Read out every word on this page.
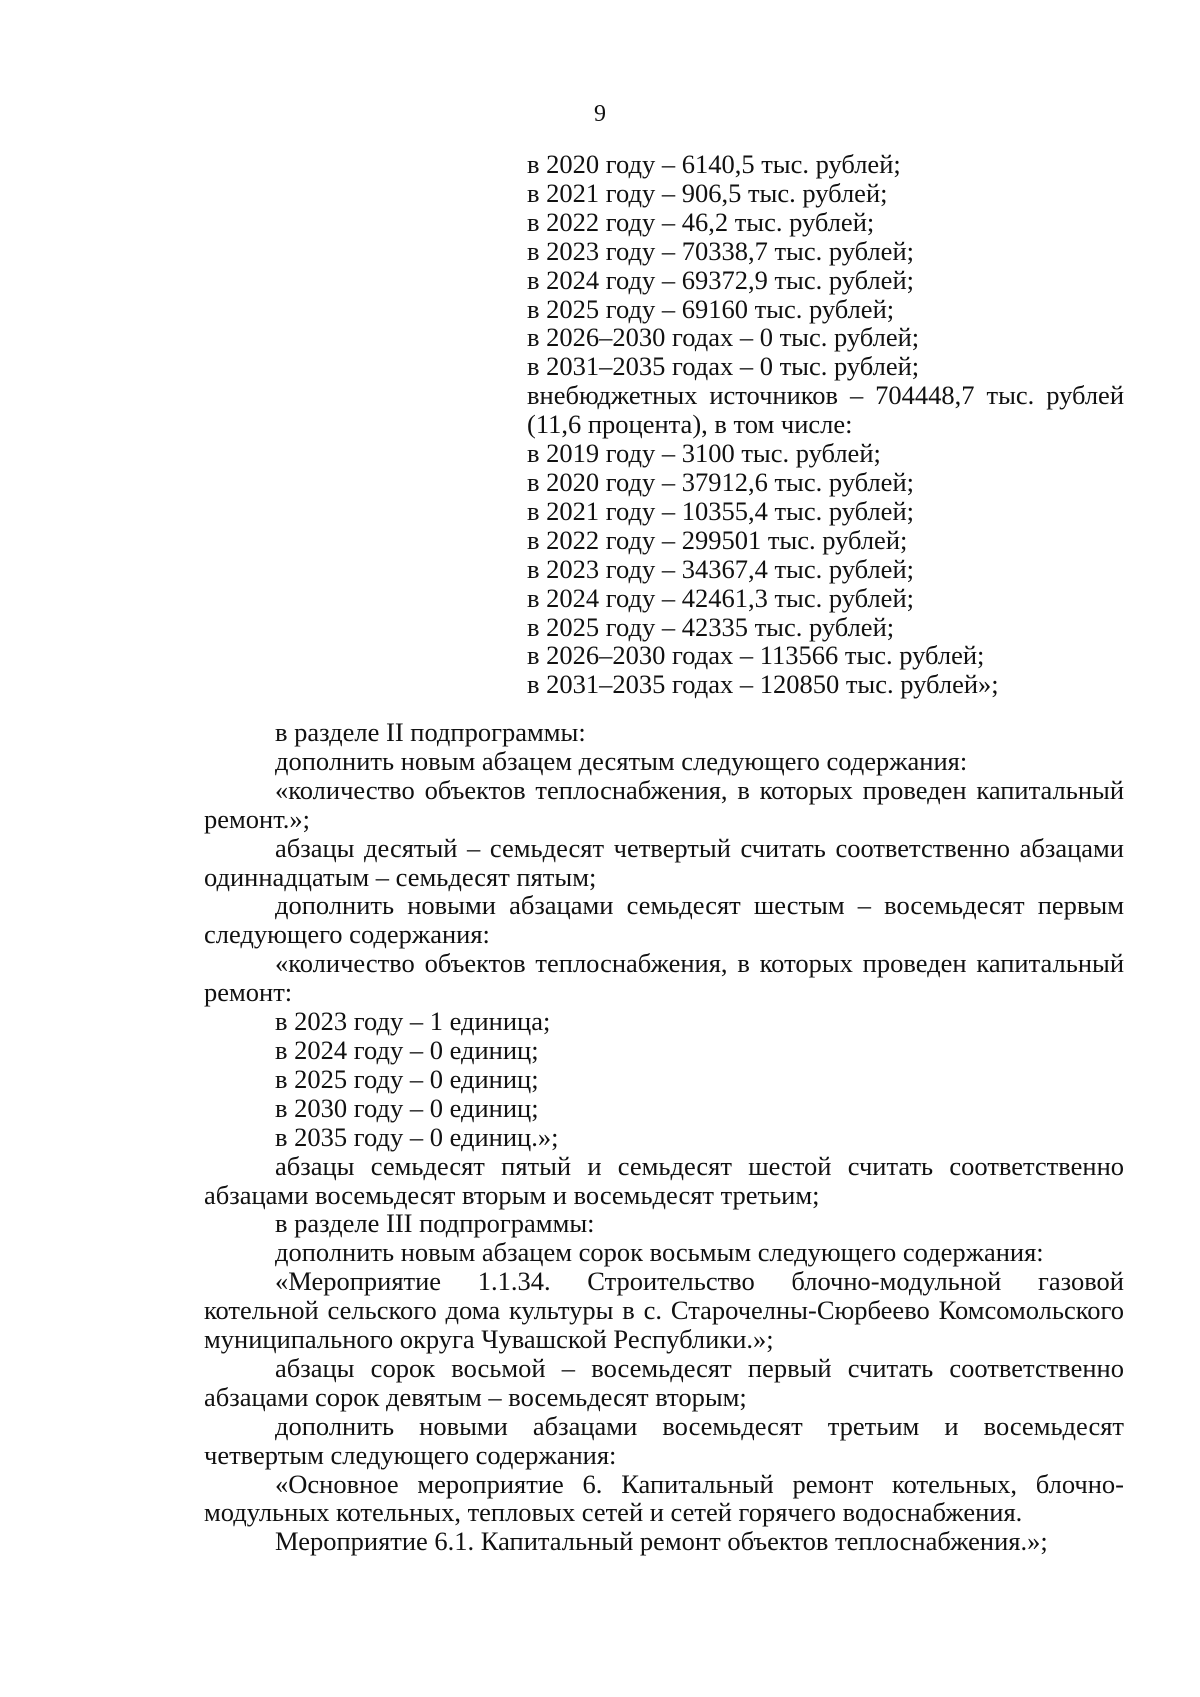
9
в 2020 году – 6140,5 тыс. рублей;
в 2021 году – 906,5 тыс. рублей;
в 2022 году – 46,2 тыс. рублей;
в 2023 году – 70338,7 тыс. рублей;
в 2024 году – 69372,9 тыс. рублей;
в 2025 году – 69160 тыс. рублей;
в 2026–2030 годах – 0 тыс. рублей;
в 2031–2035 годах – 0 тыс. рублей;
внебюджетных источников – 704448,7 тыс. рублей
(11,6 процента), в том числе:
в 2019 году – 3100 тыс. рублей;
в 2020 году – 37912,6 тыс. рублей;
в 2021 году – 10355,4 тыс. рублей;
в 2022 году – 299501 тыс. рублей;
в 2023 году – 34367,4 тыс. рублей;
в 2024 году – 42461,3 тыс. рублей;
в 2025 году – 42335 тыс. рублей;
в 2026–2030 годах – 113566 тыс. рублей;
в 2031–2035 годах – 120850 тыс. рублей»;

в разделе II подпрограммы:

дополнить новым абзацем десятым следующего содержания:

«количество объектов теплоснабжения, в которых проведен капитальный ремонт.»;

абзацы десятый – семьдесят четвертый считать соответственно абзацами одиннадцатым – семьдесят пятым;

дополнить новыми абзацами семьдесят шестым – восемьдесят первым следующего содержания:

«количество объектов теплоснабжения, в которых проведен капитальный ремонт:

в 2023 году – 1 единица;

в 2024 году – 0 единиц;

в 2025 году – 0 единиц;

в 2030 году – 0 единиц;

в 2035 году – 0 единиц.»;

абзацы семьдесят пятый и семьдесят шестой считать соответственно абзацами восемьдесят вторым и восемьдесят третьим;

в разделе III подпрограммы:

дополнить новым абзацем сорок восьмым следующего содержания:

«Мероприятие 1.1.34. Строительство блочно-модульной газовой котельной сельского дома культуры в с. Старочелны-Сюрбеево Комсомольского муниципального округа Чувашской Республики.»;

абзацы сорок восьмой – восемьдесят первый считать соответственно абзацами сорок девятым – восемьдесят вторым;

дополнить новыми абзацами восемьдесят третьим и восемьдесят четвертым следующего содержания:

«Основное мероприятие 6. Капитальный ремонт котельных, блочно-модульных котельных, тепловых сетей и сетей горячего водоснабжения.

Мероприятие 6.1. Капитальный ремонт объектов теплоснабжения.»;
